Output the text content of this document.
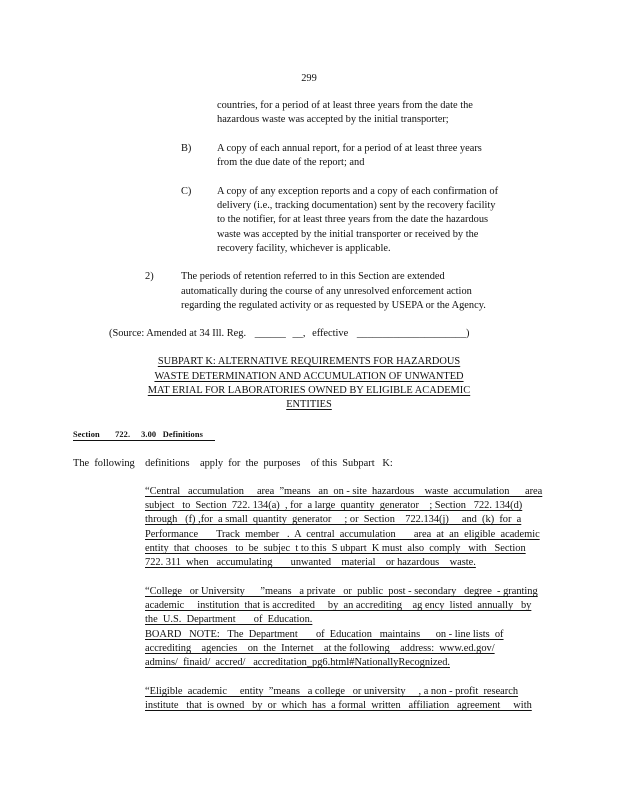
299
countries, for a period of at least three years from the date the
hazardous waste was accepted by the initial transporter;
B) A copy of each annual report, for a period of at least three years
from the due date of the report; and
C) A copy of any exception reports and a copy of each confirmation of
delivery (i.e., tracking documentation) sent by the recovery facility
to the notifier, for at least three years from the date the hazardous
waste was accepted by the initial transporter or received by the
recovery facility, whichever is applicable.
2)	The periods of retention referred to in this Section are extended
automatically during the course of any unresolved enforcement action
regarding the regulated activity or as requested by USEPA or the Agency.
(Source: Amended at 34 Ill. Reg. ______ __, effective _____________________)
SUBPART K: ALTERNATIVE REQUIREMENTS FOR HAZARDOUS
WASTE DETERMINATION AND ACCUMULATION OF UNWANTED
MAT ERIAL FOR LABORATORIES OWNED BY ELIGIBLE ACADEMIC
ENTITIES
Section       722.     3.00   Definitions
The  following    definitions    apply  for  the  purposes    of this  Subpart   K:
“Central   accumulation     area  ”means   an  on - site  hazardous    waste  accumulation      area
subject   to  Section  722. 134(a)  , for  a large  quantity  generator    ; Section   722. 134(d)
through   (f) ,for  a small  quantity  generator     ; or  Section    722.134(j)     and  (k)  for  a
Performance       Track  member   .  A  central  accumulation       area  at  an  eligible  academic
entity  that  chooses   to  be  subjec  t to this  S ubpart  K must  also  comply   with   Section
722. 311  when   accumulating       unwanted    material    or hazardous    waste.
“College   or University      ”means   a private   or  public  post - secondary   degree  - granting
academic     institution  that is accredited     by  an accrediting    ag ency  listed  annually   by
the  U.S.  Department       of  Education.
BOARD   NOTE:   The  Department       of  Education   maintains      on - line lists  of
accrediting    agencies    on  the  Internet    at the following    address:  www.ed.gov/
admins/  finaid/  accred/   accreditation_pg6.html#NationallyRecognized.
“Eligible  academic     entity  ”means   a college   or university     , a non - profit  research
institute   that  is owned   by  or  which  has  a formal  written   affiliation   agreement     with
